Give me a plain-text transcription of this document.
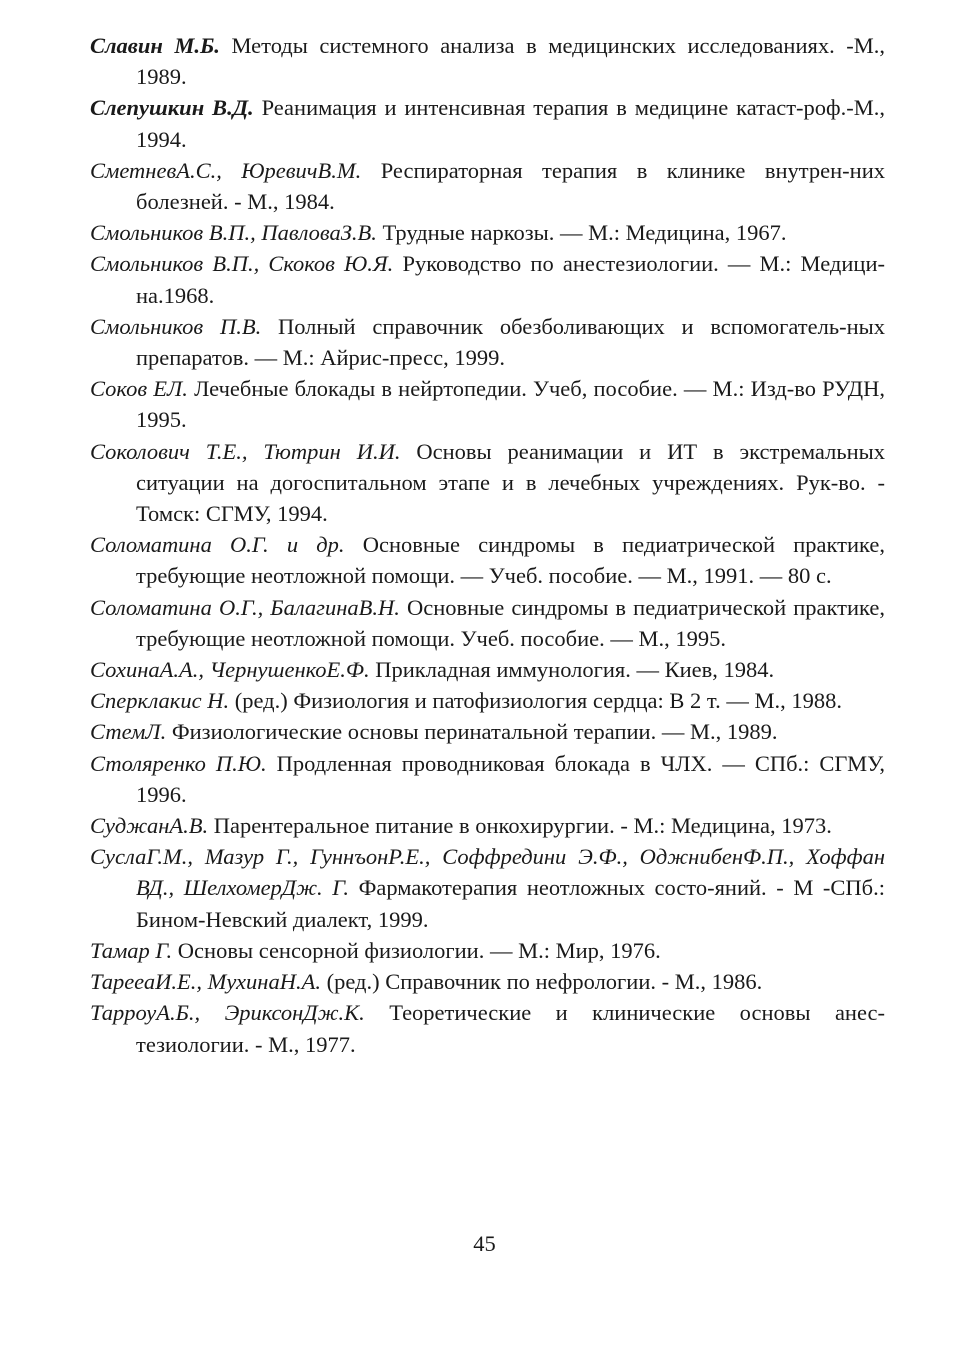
Славин М.Б. Методы системного анализа в медицинских исследованиях. -М., 1989.

Слепушкин В.Д. Реанимация и интенсивная терапия в медицине катаст-роф.-М., 1994.

СметневА.С., ЮревичВ.М. Респираторная терапия в клинике внутрен-них болезней. - М., 1984.

Смольников В.П., ПавловаЗ.В. Трудные наркозы. — М.: Медицина, 1967.

Смольников В.П., Скоков Ю.Я. Руководство по анестезиологии. — М.: Медици-на.1968.

Смольников П.В. Полный справочник обезболивающих и вспомогатель-ных препаратов. — М.: Айрис-пресс, 1999.

Соков ЕЛ. Лечебные блокады в нейртопедии. Учеб, пособие. — М.: Изд-во РУДН, 1995.

Соколович Т.Е., Тютрин И.И. Основы реанимации и ИТ в экстремальных ситуации на догоспитальном этапе и в лечебных учреждениях. Рук-во. - Томск: СГМУ, 1994.

Соломатина О.Г. и др. Основные синдромы в педиатрической практике, требующие неотложной помощи. — Учеб. пособие. — М., 1991. — 80 с.

Соломатина О.Г., БалагинаВ.Н. Основные синдромы в педиатрической практике, требующие неотложной помощи. Учеб. пособие. — М., 1995.

СохинаА.А., ЧернушенкоЕ.Ф. Прикладная иммунология. — Киев, 1984.

Сперклакис Н. (ред.) Физиология и патофизиология сердца: В 2 т. — М., 1988.

СтемЛ. Физиологические основы перинатальной терапии. — М., 1989.

Столяренко П.Ю. Продленная проводниковая блокада в ЧЛХ. — СПб.: СГМУ, 1996.

СуджанА.В. Парентеральное питание в онкохирургии. - М.: Медицина, 1973.

СуслаГ.М., Мазур Г., ГуннъонР.Е., Соффредини Э.Ф., ОджнибенФ.П., Хоффан ВД., ШелхомерДж. Г. Фармакотерапия неотложных состо-яний. - М -СПб.: Бином-Невский диалект, 1999.

Тамар Г. Основы сенсорной физиологии. — М.: Мир, 1976.

ТарееаИ.Е., МухинаН.А. (ред.) Справочник по нефрологии. - М., 1986.

ТарроуА.Б., ЭриксонДж.К. Теоретические и клинические основы анес-тезиологии. - М., 1977.

45
